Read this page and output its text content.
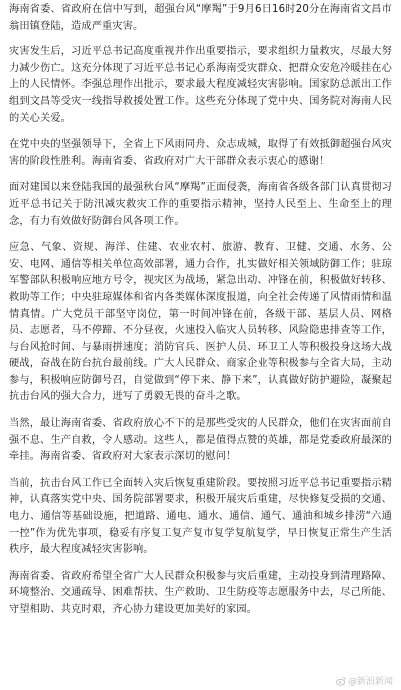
海南省委、省政府在信中写到，超强台风“摩羯”于9月6日16时20分在海南省文昌市翁田镇登陆，造成严重灾害。

灾害发生后，习近平总书记高度重视并作出重要指示，要求组织力量救灾，尽最大努力减少伤亡。这充分体现了习近平总书记心系海南受灾群众、把群众安危冷暖挂在心上的人民情怀。李强总理作出批示，要求最大程度减轻灾害影响。国家防总派出工作组到文昌等受灾一线指导救援处置工作。这些充分体现了党中央、国务院对海南人民的关心关爱。

在党中央的坚强领导下，全省上下风雨同舟、众志成城，取得了有效抵御超强台风灾害的阶段性胜利。海南省委、省政府对广大干部群众表示衷心的感谢！

面对建国以来登陆我国的最强秋台风“摩羯”正面侵袭，海南省各级各部门认真贯彻习近平总书记关于防汛减灾救灾工作的重要指示精神，坚持人民至上、生命至上的理念，有力有效做好防御台风各项工作。

应急、气象、资规、海洋、住建、农业农村、旅游、教育、卫健、交通、水务、公安、电网、通信等相关单位高效部署，通力合作，扎实做好相关领域防御工作；驻琼军警部队积极响应地方号令，视灾区为战场，紧急出动、冲锋在前，积极做好转移、救助等工作；中央驻琼媒体和省内各类媒体深度报道，向全社会传递了风情雨情和温情真情。广大党员干部坚守岗位，第一时间冲锋在前，各级干部、基层人员、网格员、志愿者，马不停蹄、不分昼夜，火速投入临灾人员转移、风险隐患排查等工作，与台风抢时间、与暴雨拼速度；消防官兵、医护人员、环卫工人等积极投身这场大战硬战，奋战在防台抗台最前线。广大人民群众、商家企业等积极参与全省大局，主动参与，积极响应防御号召，自觉做到“停下来、静下来”，认真做好防护避险，凝聚起抗击台风的强大合力，迸写了勇毅无畏的奋斗之歌。

当然，最让海南省委、省政府放心不下的是那些受灾的人民群众，他们在灾害面前自强不息、生产自救，令人感动。这些人，都是值得点赞的英雄，都是党委政府最深的牵挂。海南省委、省政府对大家表示深切的慰问！

当前，抗击台风工作已全面转入灾后恢复重建阶段。要按照习近平总书记重要指示精神，认真落实党中央、国务院部署要求，积极开展灾后重建，尽快修复受损的交通、电力、通信等基础设施，把道路、通电、通水、通信、通气、通油和城乡排涝“六通一控”作为优先事项，稳妥有序复工复产复市复学复航复学，早日恢复正常生产生活秩序，最大程度减轻灾害影响。

海南省委、省政府希望全省广大人民群众积极参与灾后重建，主动投身到清理路障、环境整治、交通疏导、困难帮扶、生产救助、卫生防疫等志愿服务中去，尽己所能、守望相助、共克时艰，齐心协力建设更加美好的家园。

@新浪新闻
